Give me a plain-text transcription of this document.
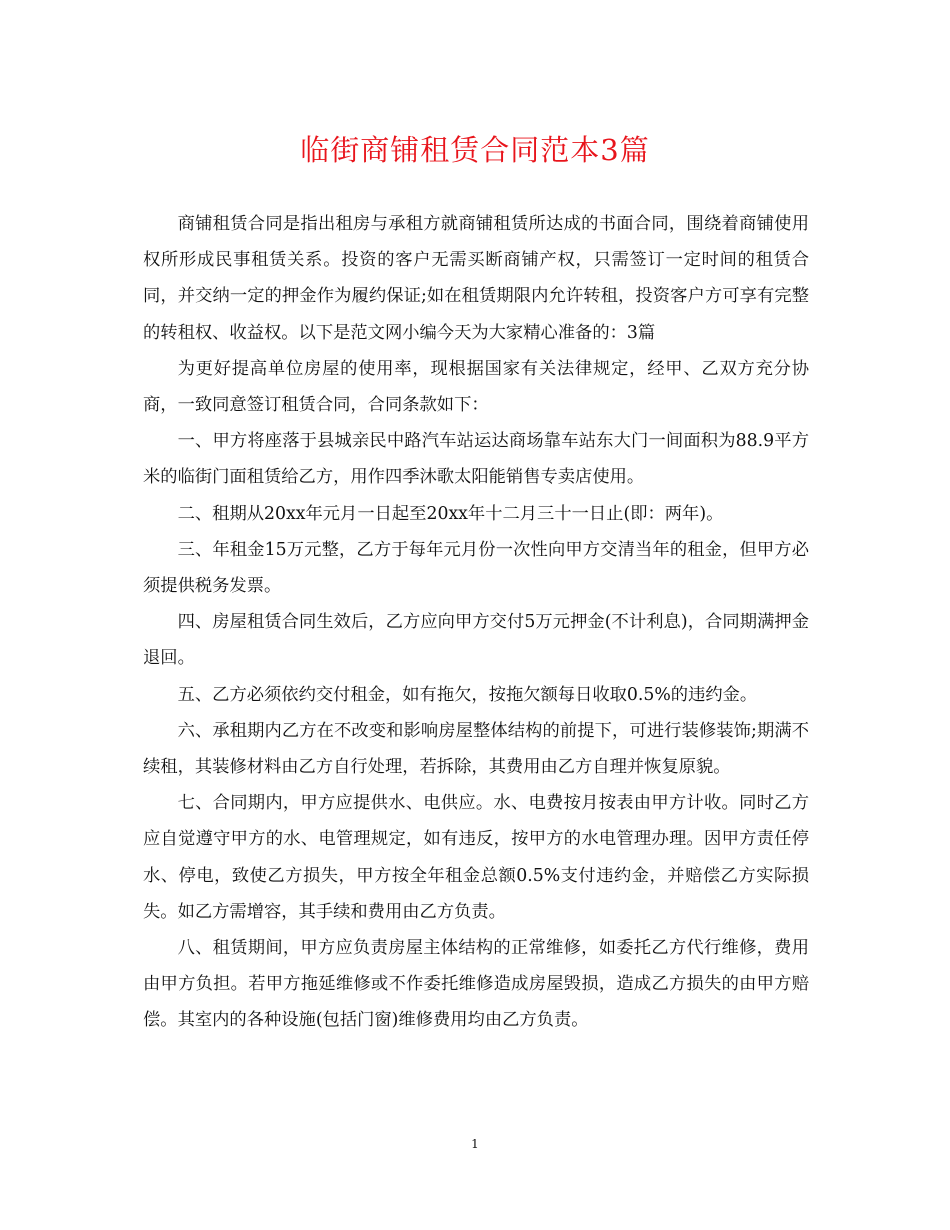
临街商铺租赁合同范本3篇

商铺租赁合同是指出租房与承租方就商铺租赁所达成的书面合同，围绕着商铺使用权所形成民事租赁关系。投资的客户无需买断商铺产权，只需签订一定时间的租赁合同，并交纳一定的押金作为履约保证;如在租赁期限内允许转租，投资客户方可享有完整的转租权、收益权。以下是范文网小编今天为大家精心准备的：3篇

为更好提高单位房屋的使用率，现根据国家有关法律规定，经甲、乙双方充分协商，一致同意签订租赁合同，合同条款如下：

一、甲方将座落于县城亲民中路汽车站运达商场靠车站东大门一间面积为88.9平方米的临街门面租赁给乙方，用作四季沐歌太阳能销售专卖店使用。

二、租期从20xx年元月一日起至20xx年十二月三十一日止(即：两年)。

三、年租金15万元整，乙方于每年元月份一次性向甲方交清当年的租金，但甲方必须提供税务发票。

四、房屋租赁合同生效后，乙方应向甲方交付5万元押金(不计利息)，合同期满押金退回。

五、乙方必须依约交付租金，如有拖欠，按拖欠额每日收取0.5%的违约金。

六、承租期内乙方在不改变和影响房屋整体结构的前提下，可进行装修装饰;期满不续租，其装修材料由乙方自行处理，若拆除，其费用由乙方自理并恢复原貌。

七、合同期内，甲方应提供水、电供应。水、电费按月按表由甲方计收。同时乙方应自觉遵守甲方的水、电管理规定，如有违反，按甲方的水电管理办理。因甲方责任停水、停电，致使乙方损失，甲方按全年租金总额0.5%支付违约金，并赔偿乙方实际损失。如乙方需增容，其手续和费用由乙方负责。

八、租赁期间，甲方应负责房屋主体结构的正常维修，如委托乙方代行维修，费用由甲方负担。若甲方拖延维修或不作委托维修造成房屋毁损，造成乙方损失的由甲方赔偿。其室内的各种设施(包括门窗)维修费用均由乙方负责。

1
